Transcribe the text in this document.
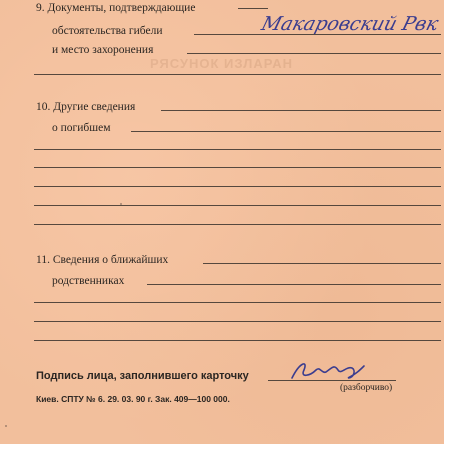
9. Документы, подтверждающие
обстоятельства гибели	Макаровский Рвк
и место захоронения
РЯСУНОК ИЗЛАРАН
10. Другие сведения
о погибшем
11. Сведения о ближайших
родственниках
Подпись лица, заполнившего карточку
(разборчиво)
Киев. СПТУ № 6. 29. 03. 90 г. Зак. 409—100 000.
